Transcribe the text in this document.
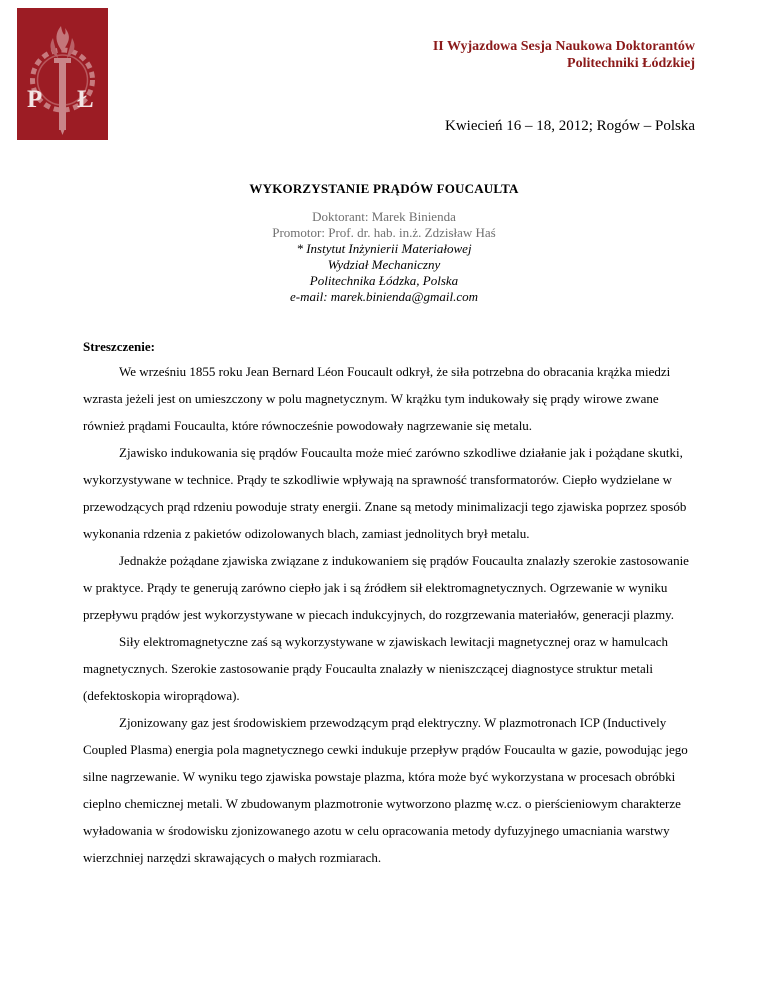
P Ł
II Wyjazdowa Sesja Naukowa Doktorantów
Politechniki Łódzkiej
Kwiecień 16 – 18, 2012; Rogów – Polska
WYKORZYSTANIE PRĄDÓW FOUCAULTA
Doktorant: Marek Binienda
Promotor: Prof. dr. hab. in.ż. Zdzisław Haś
* Instytut Inżynierii Materiałowej
Wydział Mechaniczny
Politechnika Łódzka, Polska
e-mail: marek.binienda@gmail.com
Streszczenie:

We wrześniu 1855 roku Jean Bernard Léon Foucault odkrył, że siła potrzebna do obracania krążka miedzi wzrasta jeżeli jest on umieszczony w polu magnetycznym. W krążku tym indukowały się prądy wirowe zwane również prądami Foucaulta, które równocześnie powodowały nagrzewanie się metalu.

Zjawisko indukowania się prądów Foucaulta może mieć zarówno szkodliwe działanie jak i pożądane skutki, wykorzystywane w technice. Prądy te szkodliwie wpływają na sprawność transformatorów. Ciepło wydzielane w przewodzących prąd rdzeniu powoduje straty energii. Znane są metody minimalizacji tego zjawiska poprzez sposób wykonania rdzenia z pakietów odizolowanych blach, zamiast jednolitych brył metalu.

Jednakże pożądane zjawiska związane z indukowaniem się prądów Foucaulta znalazły szerokie zastosowanie w praktyce. Prądy te generują zarówno ciepło jak i są źródłem sił elektromagnetycznych. Ogrzewanie w wyniku przepływu prądów jest wykorzystywane w piecach indukcyjnych, do rozgrzewania materiałów, generacji plazmy.

Siły elektromagnetyczne zaś są wykorzystywane w zjawiskach lewitacji magnetycznej oraz w hamulcach magnetycznych. Szerokie zastosowanie prądy Foucaulta znalazły w nieniszczącej diagnostyce struktur metali (defektoskopia wiroprądowa).

Zjonizowany gaz jest środowiskiem przewodzącym prąd elektryczny. W plazmotronach ICP (Inductively Coupled Plasma) energia pola magnetycznego cewki indukuje przepływ prądów Foucaulta w gazie, powodując jego silne nagrzewanie. W wyniku tego zjawiska powstaje plazma, która może być wykorzystana w procesach obróbki cieplno chemicznej metali. W zbudowanym plazmotronie wytworzono plazmę w.cz. o pierścieniowym charakterze wyładowania w środowisku zjonizowanego azotu w celu opracowania metody dyfuzyjnego umacniania warstwy wierzchniej narzędzi skrawających o małych rozmiarach.
